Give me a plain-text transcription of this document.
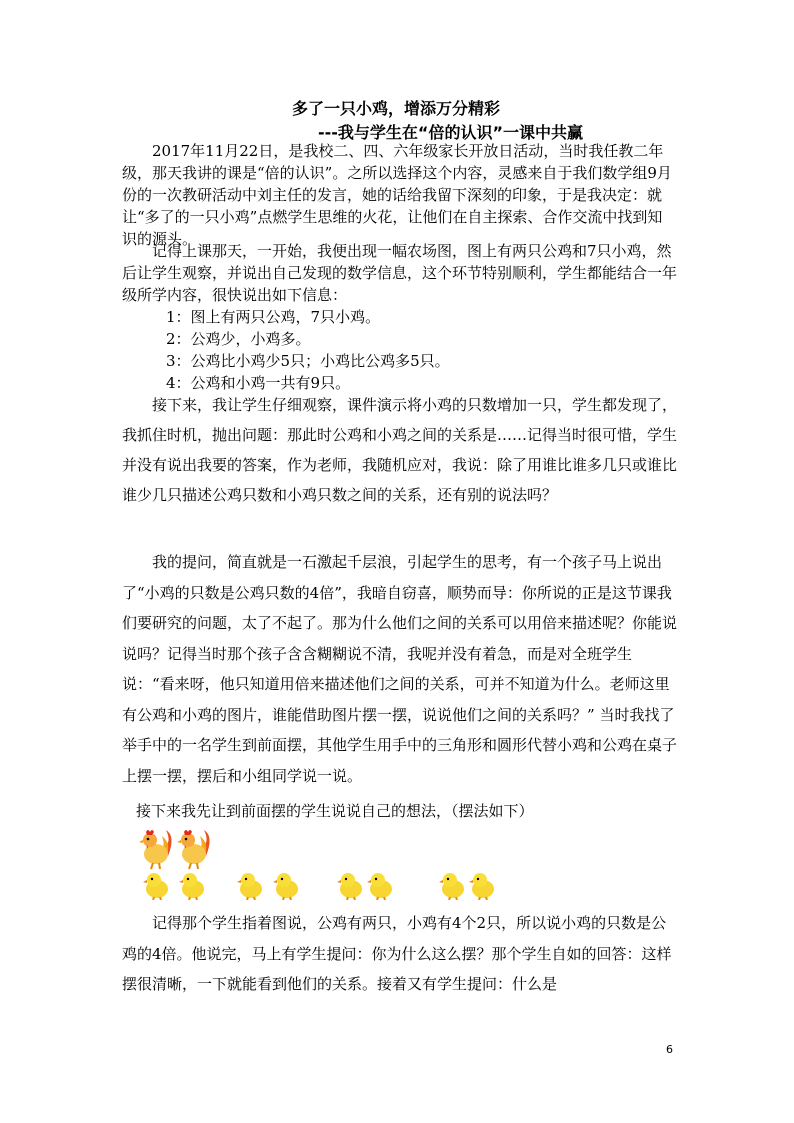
多了一只小鸡，增添万分精彩
---我与学生在“倍的认识”一课中共赢
2017年11月22日，是我校二、四、六年级家长开放日活动，当时我任教二年级，那天我讲的课是“倍的认识”。之所以选择这个内容，灵感来自于我们数学组9月份的一次教研活动中刘主任的发言，她的话给我留下深刻的印象，于是我决定：就让“多了的一只小鸡”点燃学生思维的火花，让他们在自主探索、合作交流中找到知识的源头。
记得上课那天，一开始，我便出现一幅农场图，图上有两只公鸡和7只小鸡，然后让学生观察，并说出自己发现的数学信息，这个环节特别顺利，学生都能结合一年级所学内容，很快说出如下信息：
1：图上有两只公鸡，7只小鸡。
2：公鸡少，小鸡多。
3：公鸡比小鸡少5只；小鸡比公鸡多5只。
4：公鸡和小鸡一共有9只。
接下来，我让学生仔细观察，课件演示将小鸡的只数增加一只，学生都发现了，我抓住时机，抛出问题：那此时公鸡和小鸡之间的关系是……记得当时很可惜，学生并没有说出我要的答案，作为老师，我随机应对，我说：除了用谁比谁多几只或谁比谁少几只描述公鸡只数和小鸡只数之间的关系，还有别的说法吗？
我的提问，简直就是一石激起千层浪，引起学生的思考，有一个孩子马上说出了“小鸡的只数是公鸡只数的4倍”，我暗自窃喜，顺势而导：你所说的正是这节课我们要研究的问题，太了不起了。那为什么他们之间的关系可以用倍来描述呢？你能说说吗？记得当时那个孩子含含糊糊说不清，我呢并没有着急，而是对全班学生说：“看来呀，他只知道用倍来描述他们之间的关系，可并不知道为什么。老师这里有公鸡和小鸡的图片，谁能借助图片摆一摆，说说他们之间的关系吗？” 当时我找了举手中的一名学生到前面摆，其他学生用手中的三角形和圆形代替小鸡和公鸡在桌子上摆一摆，摆后和小组同学说一说。
接下来我先让到前面摆的学生说说自己的想法，（摆法如下）
记得那个学生指着图说，公鸡有两只，小鸡有4个2只，所以说小鸡的只数是公鸡的4倍。他说完，马上有学生提问：你为什么这么摆？那个学生自如的回答：这样摆很清晰，一下就能看到他们的关系。接着又有学生提问：什么是
6
